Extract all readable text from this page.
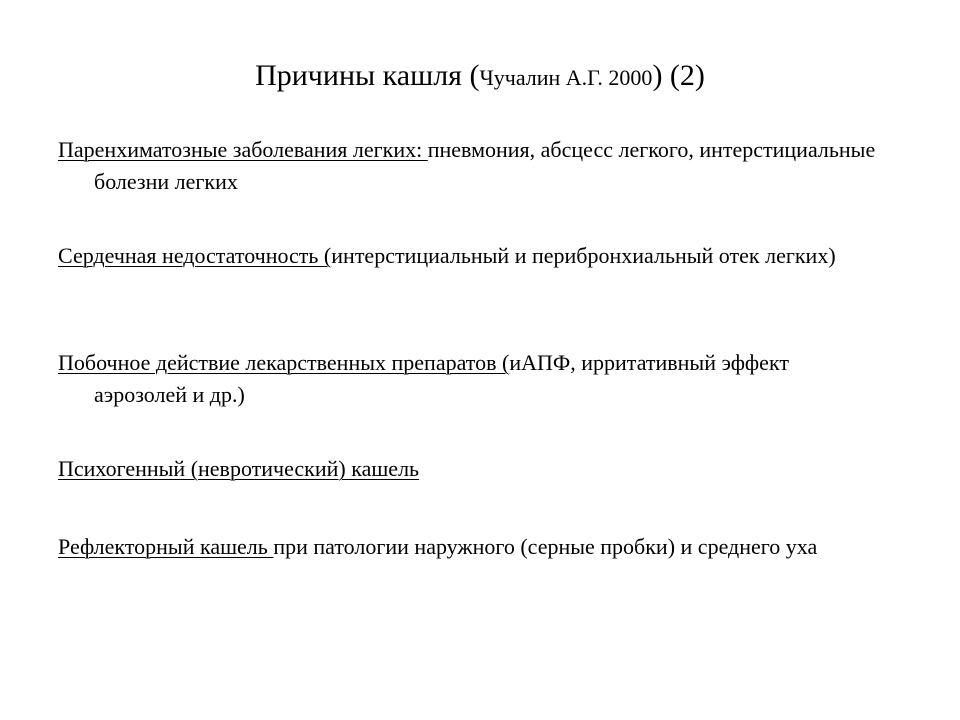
Причины кашля (Чучалин А.Г. 2000) (2)
Паренхиматозные заболевания легких: пневмония, абсцесс легкого, интерстициальные болезни легких
Сердечная недостаточность (интерстициальный и перибронхиальный отек легких)
Побочное действие лекарственных препаратов (иАПФ, ирритативный эффект аэрозолей и др.)
Психогенный (невротический) кашель
Рефлекторный кашель при патологии наружного (серные пробки) и среднего уха
